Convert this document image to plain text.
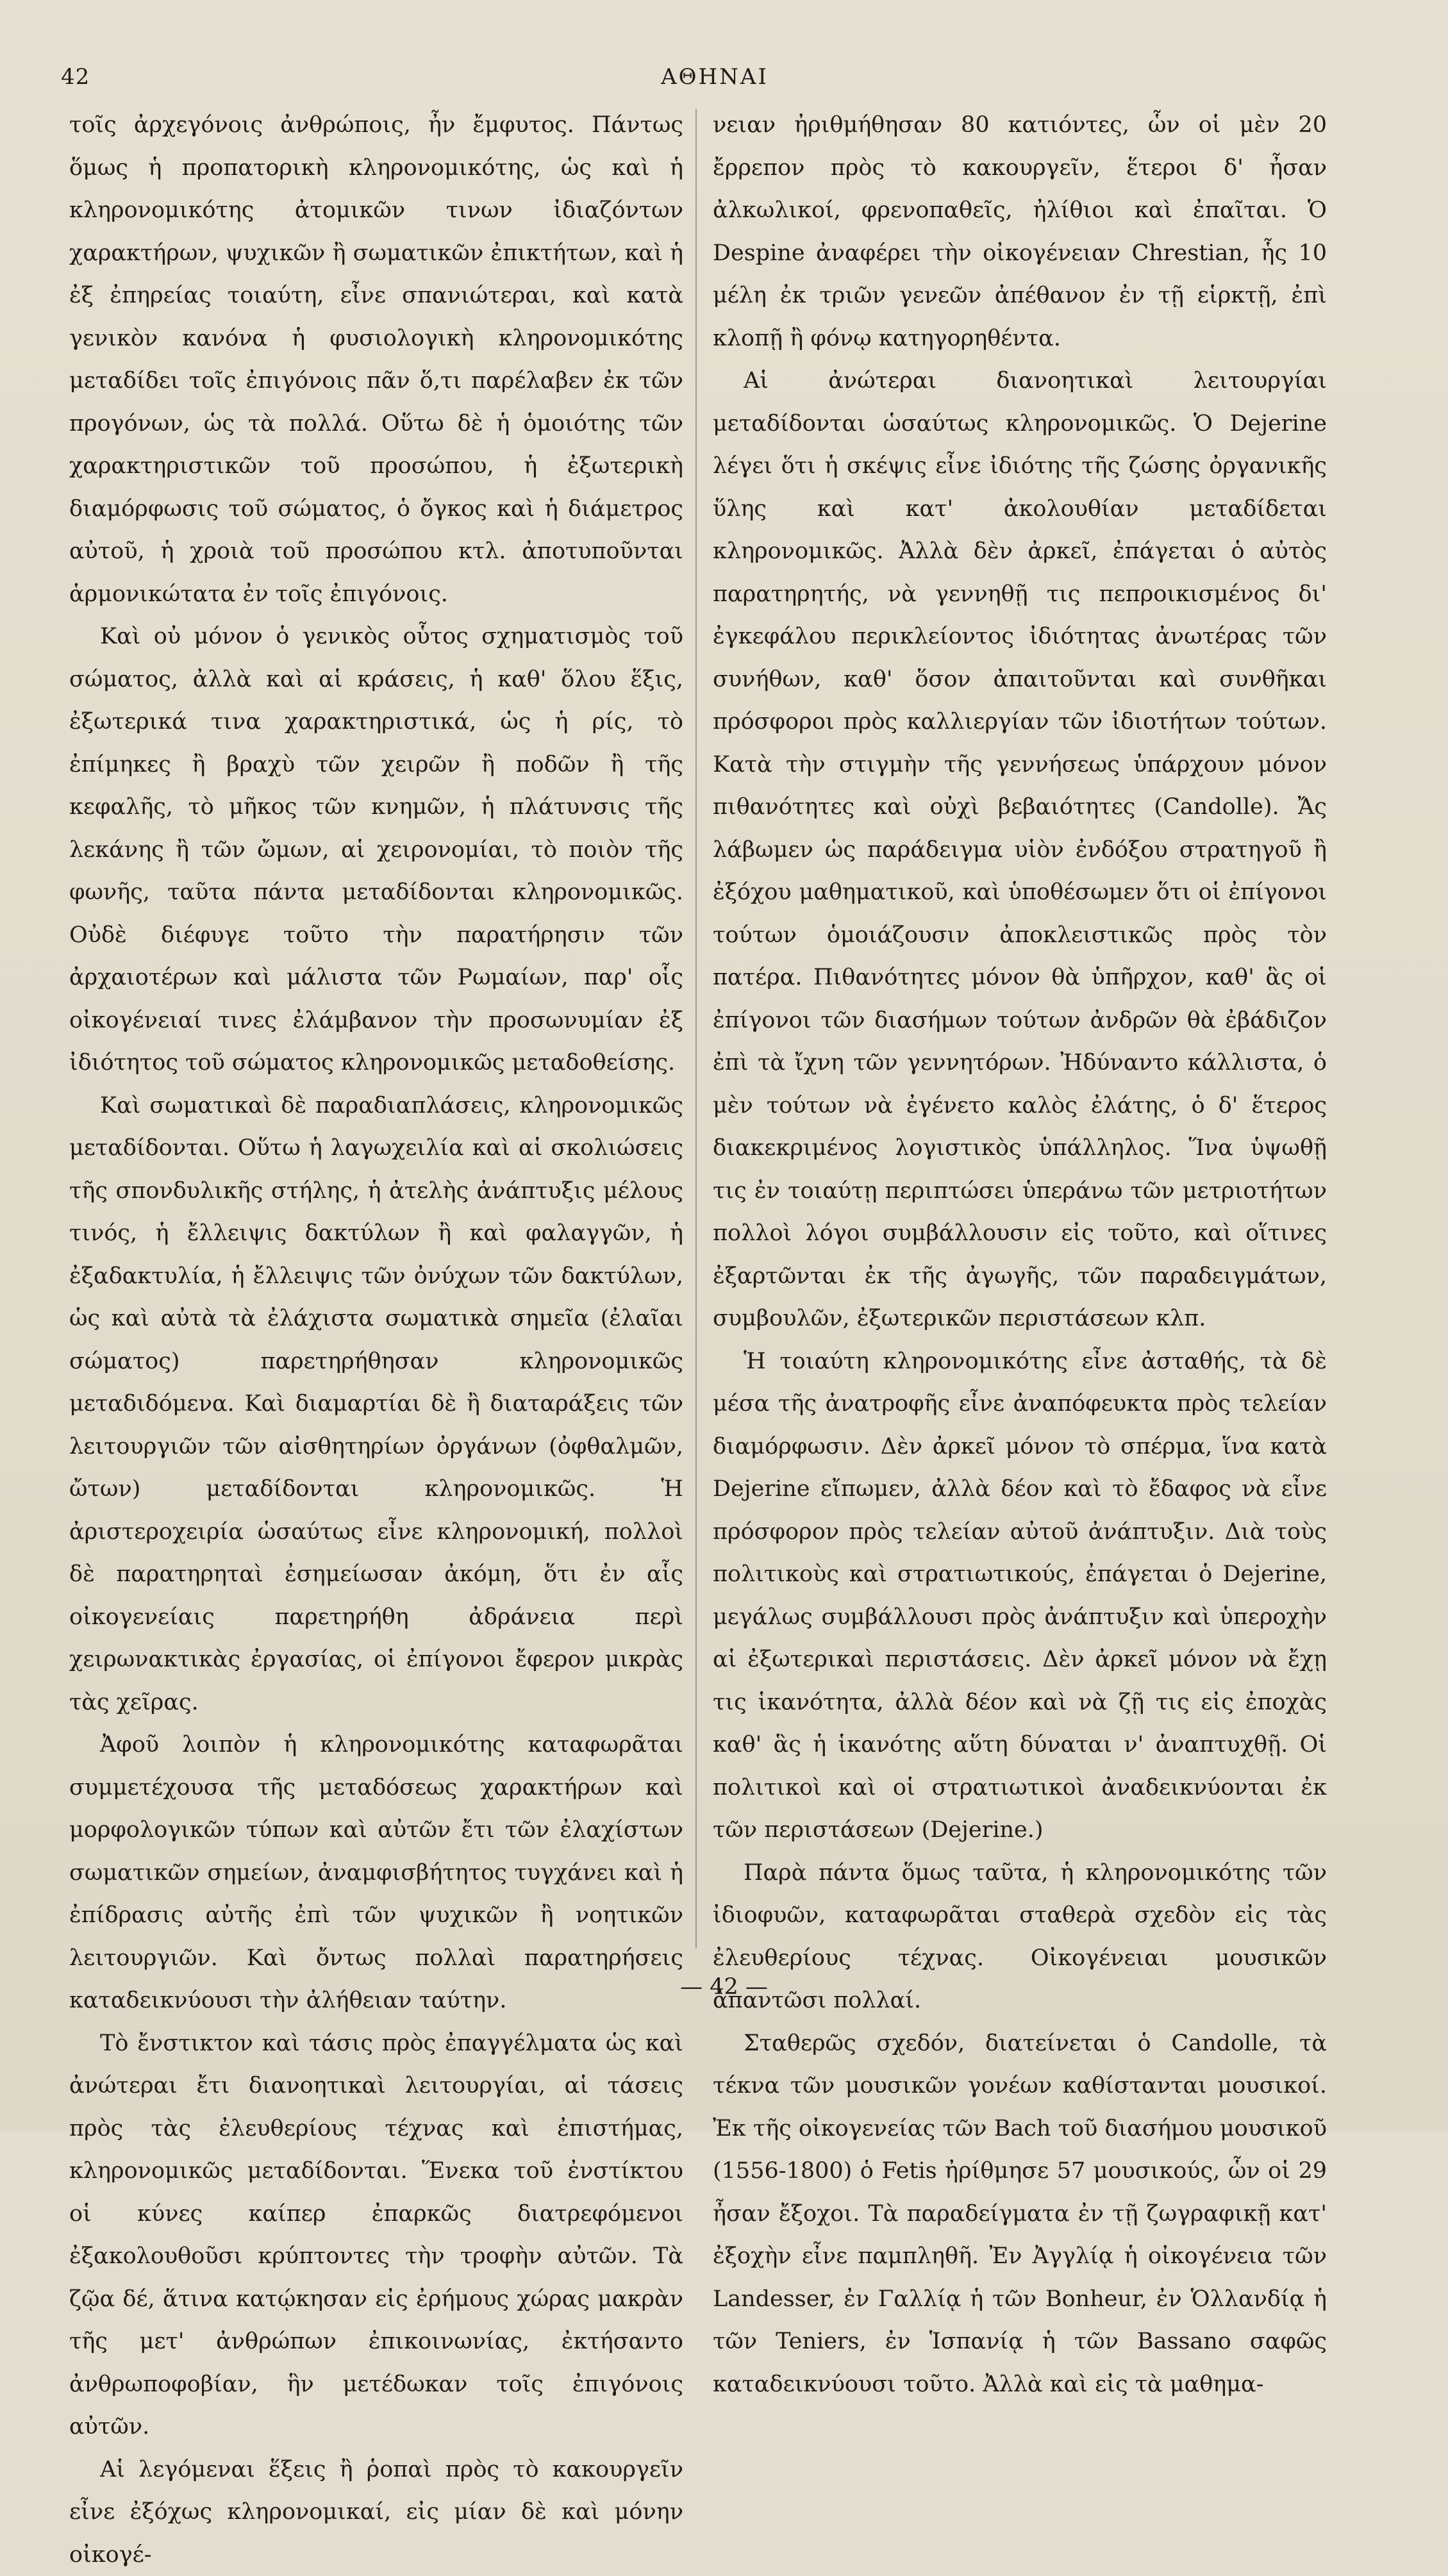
42	ΑΘΗΝΑΙ

τοῖς ἀρχεγόνοις ἀνθρώποις, ἦν ἔμφυτος. Πάντως ὅμως ἡ προπατορικὴ κληρονομικότης, ὡς καὶ ἡ κληρονομικότης ἀτομικῶν τινων ἰδιαζόντων χαρακτήρων, ψυχικῶν ἢ σωματικῶν ἐπικτήτων, καὶ ἡ ἐξ ἐπηρείας τοιαύτη, εἶνε σπανιώτεραι, καὶ κατὰ γενικὸν κανόνα ἡ φυσιολογικὴ κληρονομικότης μεταδίδει τοῖς ἐπιγόνοις πᾶν ὅ,τι παρέλαβεν ἐκ τῶν προγόνων, ὡς τὰ πολλά. Οὕτω δὲ ἡ ὁμοιότης τῶν χαρακτηριστικῶν τοῦ προσώπου, ἡ ἐξωτερικὴ διαμόρφωσις τοῦ σώματος, ὁ ὄγκος καὶ ἡ διάμετρος αὐτοῦ, ἡ χροιὰ τοῦ προσώπου κτλ. ἀποτυποῦνται ἁρμονικώτατα ἐν τοῖς ἐπιγόνοις.

Καὶ οὐ μόνον ὁ γενικὸς οὗτος σχηματισμὸς τοῦ σώματος, ἀλλὰ καὶ αἱ κράσεις, ἡ καθ' ὅλου ἕξις, ἐξωτερικά τινα χαρακτηριστικά, ὡς ἡ ρίς, τὸ ἐπίμηκες ἢ βραχὺ τῶν χειρῶν ἢ ποδῶν ἢ τῆς κεφαλῆς, τὸ μῆκος τῶν κνημῶν, ἡ πλάτυνσις τῆς λεκάνης ἢ τῶν ὤμων, αἱ χειρονομίαι, τὸ ποιὸν τῆς φωνῆς, ταῦτα πάντα μεταδίδονται κληρονομικῶς. Οὐδὲ διέφυγε τοῦτο τὴν παρατήρησιν τῶν ἀρχαιοτέρων καὶ μάλιστα τῶν Ρωμαίων, παρ' οἷς οἰκογένειαί τινες ἐλάμβανον τὴν προσωνυμίαν ἐξ ἰδιότητος τοῦ σώματος κληρονομικῶς μεταδοθείσης.

Καὶ σωματικαὶ δὲ παραδιαπλάσεις, κληρονομικῶς μεταδίδονται. Οὕτω ἡ λαγωχειλία καὶ αἱ σκολιώσεις τῆς σπονδυλικῆς στήλης, ἡ ἀτελὴς ἀνάπτυξις μέλους τινός, ἡ ἔλλειψις δακτύλων ἢ καὶ φαλαγγῶν, ἡ ἐξαδακτυλία, ἡ ἔλλειψις τῶν ὀνύχων τῶν δακτύλων, ὡς καὶ αὐτὰ τὰ ἐλάχιστα σωματικὰ σημεῖα (ἐλαῖαι σώματος) παρετηρήθησαν κληρονομικῶς μεταδιδόμενα. Καὶ διαμαρτίαι δὲ ἢ διαταράξεις τῶν λειτουργιῶν τῶν αἰσθητηρίων ὀργάνων (ὀφθαλμῶν, ὤτων) μεταδίδονται κληρονομικῶς. Ἡ ἀριστεροχειρία ὡσαύτως εἶνε κληρονομική, πολλοὶ δὲ παρατηρηταὶ ἐσημείωσαν ἀκόμη, ὅτι ἐν αἷς οἰκογενείαις παρετηρήθη ἀδράνεια περὶ χειρωνακτικὰς ἐργασίας, οἱ ἐπίγονοι ἔφερον μικρὰς τὰς χεῖρας.

Ἀφοῦ λοιπὸν ἡ κληρονομικότης καταφωρᾶται συμμετέχουσα τῆς μεταδόσεως χαρακτήρων καὶ μορφολογικῶν τύπων καὶ αὐτῶν ἔτι τῶν ἐλαχίστων σωματικῶν σημείων, ἀναμφισβήτητος τυγχάνει καὶ ἡ ἐπίδρασις αὐτῆς ἐπὶ τῶν ψυχικῶν ἢ νοητικῶν λειτουργιῶν. Καὶ ὄντως πολλαὶ παρατηρήσεις καταδεικνύουσι τὴν ἀλήθειαν ταύτην.

Τὸ ἔνστικτον καὶ τάσις πρὸς ἐπαγγέλματα ὡς καὶ ἀνώτεραι ἔτι διανοητικαὶ λειτουργίαι, αἱ τάσεις πρὸς τὰς ἐλευθερίους τέχνας καὶ ἐπιστήμας, κληρονομικῶς μεταδίδονται. Ἕνεκα τοῦ ἐνστίκτου οἱ κύνες καίπερ ἐπαρκῶς διατρεφόμενοι ἐξακολουθοῦσι κρύπτοντες τὴν τροφὴν αὐτῶν. Τὰ ζῷα δέ, ἅτινα κατῴκησαν εἰς ἐρήμους χώρας μακρὰν τῆς μετ' ἀνθρώπων ἐπικοινωνίας, ἐκτήσαντο ἀνθρωποφοβίαν, ἣν μετέδωκαν τοῖς ἐπιγόνοις αὐτῶν.

Αἱ λεγόμεναι ἕξεις ἢ ῥοπαὶ πρὸς τὸ κακουργεῖν εἶνε ἐξόχως κληρονομικαί, εἰς μίαν δὲ καὶ μόνην οἰκογέ-

νειαν ἠριθμήθησαν 80 κατιόντες, ὧν οἱ μὲν 20 ἔρρεπον πρὸς τὸ κακουργεῖν, ἕτεροι δ' ἦσαν ἀλκωλικοί, φρενοπαθεῖς, ἠλίθιοι καὶ ἐπαῖται. Ὁ Despine ἀναφέρει τὴν οἰκογένειαν Chrestian, ἧς 10 μέλη ἐκ τριῶν γενεῶν ἀπέθανον ἐν τῇ εἱρκτῇ, ἐπὶ κλοπῇ ἢ φόνῳ κατηγορηθέντα.

Αἱ ἀνώτεραι διανοητικαὶ λειτουργίαι μεταδίδονται ὡσαύτως κληρονομικῶς. Ὁ Dejerine λέγει ὅτι ἡ σκέψις εἶνε ἰδιότης τῆς ζώσης ὀργανικῆς ὕλης καὶ κατ' ἀκολουθίαν μεταδίδεται κληρονομικῶς. Ἀλλὰ δὲν ἀρκεῖ, ἐπάγεται ὁ αὐτὸς παρατηρητής, νὰ γεννηθῇ τις πεπροικισμένος δι' ἐγκεφάλου περικλείοντος ἰδιότητας ἀνωτέρας τῶν συνήθων, καθ' ὅσον ἀπαιτοῦνται καὶ συνθῆκαι πρόσφοροι πρὸς καλλιεργίαν τῶν ἰδιοτήτων τούτων. Κατὰ τὴν στιγμὴν τῆς γεννήσεως ὑπάρχουν μόνον πιθανότητες καὶ οὐχὶ βεβαιότητες (Candolle). Ἄς λάβωμεν ὡς παράδειγμα υἱὸν ἐνδόξου στρατηγοῦ ἢ ἐξόχου μαθηματικοῦ, καὶ ὑποθέσωμεν ὅτι οἱ ἐπίγονοι τούτων ὁμοιάζουσιν ἀποκλειστικῶς πρὸς τὸν πατέρα. Πιθανότητες μόνον θὰ ὑπῆρχον, καθ' ἃς οἱ ἐπίγονοι τῶν διασήμων τούτων ἀνδρῶν θὰ ἐβάδιζον ἐπὶ τὰ ἴχνη τῶν γεννητόρων. Ἠδύναντο κάλλιστα, ὁ μὲν τούτων νὰ ἐγένετο καλὸς ἐλάτης, ὁ δ' ἕτερος διακεκριμένος λογιστικὸς ὑπάλληλος. Ἵνα ὑψωθῇ τις ἐν τοιαύτῃ περιπτώσει ὑπεράνω τῶν μετριοτήτων πολλοὶ λόγοι συμβάλλουσιν εἰς τοῦτο, καὶ οἵτινες ἐξαρτῶνται ἐκ τῆς ἀγωγῆς, τῶν παραδειγμάτων, συμβουλῶν, ἐξωτερικῶν περιστάσεων κλπ.

Ἡ τοιαύτη κληρονομικότης εἶνε ἀσταθής, τὰ δὲ μέσα τῆς ἀνατροφῆς εἶνε ἀναπόφευκτα πρὸς τελείαν διαμόρφωσιν. Δὲν ἀρκεῖ μόνον τὸ σπέρμα, ἵνα κατὰ Dejerine εἴπωμεν, ἀλλὰ δέον καὶ τὸ ἔδαφος νὰ εἶνε πρόσφορον πρὸς τελείαν αὐτοῦ ἀνάπτυξιν. Διὰ τοὺς πολιτικοὺς καὶ στρατιωτικούς, ἐπάγεται ὁ Dejerine, μεγάλως συμβάλλουσι πρὸς ἀνάπτυξιν καὶ ὑπεροχὴν αἱ ἐξωτερικαὶ περιστάσεις. Δὲν ἀρκεῖ μόνον νὰ ἔχῃ τις ἱκανότητα, ἀλλὰ δέον καὶ νὰ ζῇ τις εἰς ἐποχὰς καθ' ἃς ἡ ἱκανότης αὕτη δύναται ν' ἀναπτυχθῇ. Οἱ πολιτικοὶ καὶ οἱ στρατιωτικοὶ ἀναδεικνύονται ἐκ τῶν περιστάσεων (Dejerine.)

Παρὰ πάντα ὅμως ταῦτα, ἡ κληρονομικότης τῶν ἰδιοφυῶν, καταφωρᾶται σταθερὰ σχεδὸν εἰς τὰς ἐλευθερίους τέχνας. Οἰκογένειαι μουσικῶν ἀπαντῶσι πολλαί.

Σταθερῶς σχεδόν, διατείνεται ὁ Candolle, τὰ τέκνα τῶν μουσικῶν γονέων καθίστανται μουσικοί. Ἐκ τῆς οἰκογενείας τῶν Bach τοῦ διασήμου μουσικοῦ (1556-1800) ὁ Fetis ἠρίθμησε 57 μουσικούς, ὧν οἱ 29 ἦσαν ἔξοχοι. Τὰ παραδείγματα ἐν τῇ ζωγραφικῇ κατ' ἐξοχὴν εἶνε παμπληθῆ. Ἐν Ἀγγλίᾳ ἡ οἰκογένεια τῶν Landesser, ἐν Γαλλίᾳ ἡ τῶν Bonheur, ἐν Ὁλλανδίᾳ ἡ τῶν Teniers, ἐν Ἱσπανίᾳ ἡ τῶν Bassano σαφῶς καταδεικνύουσι τοῦτο. Ἀλλὰ καὶ εἰς τὰ μαθημα-

— 42 —
